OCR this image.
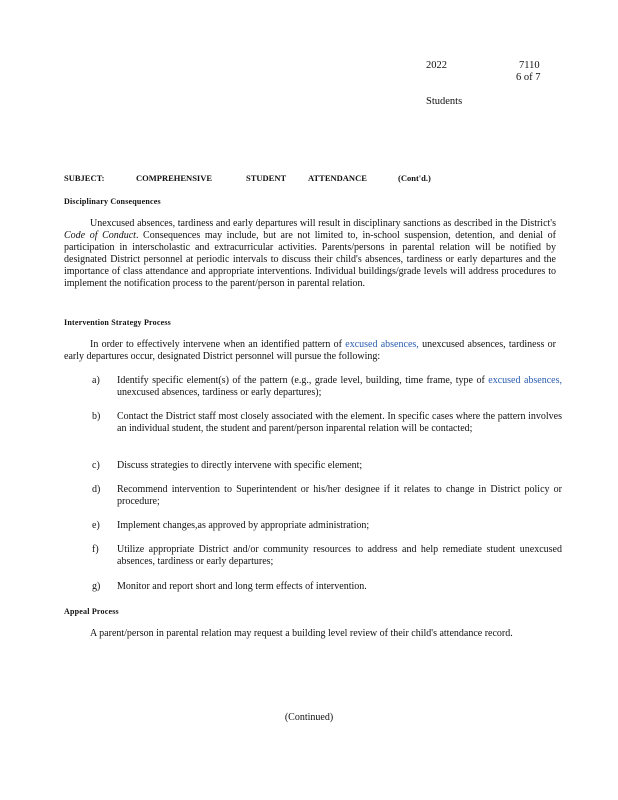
2022	7110
6 of 7
Students
SUBJECT:	COMPREHENSIVE	STUDENT	ATTENDANCE	(Cont'd.)
Disciplinary Consequences
Unexcused absences, tardiness and early departures will result in disciplinary sanctions as described in the District's Code of Conduct. Consequences may include, but are not limited to, in-school suspension, detention, and denial of participation in interscholastic and extracurricular activities. Parents/persons in parental relation will be notified by designated District personnel at periodic intervals to discuss their child's absences, tardiness or early departures and the importance of class attendance and appropriate interventions. Individual buildings/grade levels will address procedures to implement the notification process to the parent/person in parental relation.
Intervention Strategy Process
In order to effectively intervene when an identified pattern of excused absences, unexcused absences, tardiness or early departures occur, designated District personnel will pursue the following:
a) Identify specific element(s) of the pattern (e.g., grade level, building, time frame, type of excused absences, unexcused absences, tardiness or early departures);
b) Contact the District staff most closely associated with the element. In specific cases where the pattern involves an individual student, the student and parent/person inparental relation will be contacted;
c) Discuss strategies to directly intervene with specific element;
d) Recommend intervention to Superintendent or his/her designee if it relates to change in District policy or procedure;
e) Implement changes,as approved by appropriate administration;
f) Utilize appropriate District and/or community resources to address and help remediate student unexcused absences, tardiness or early departures;
g) Monitor and report short and long term effects of intervention.
Appeal Process
A parent/person in parental relation may request a building level review of their child's attendance record.
(Continued)
